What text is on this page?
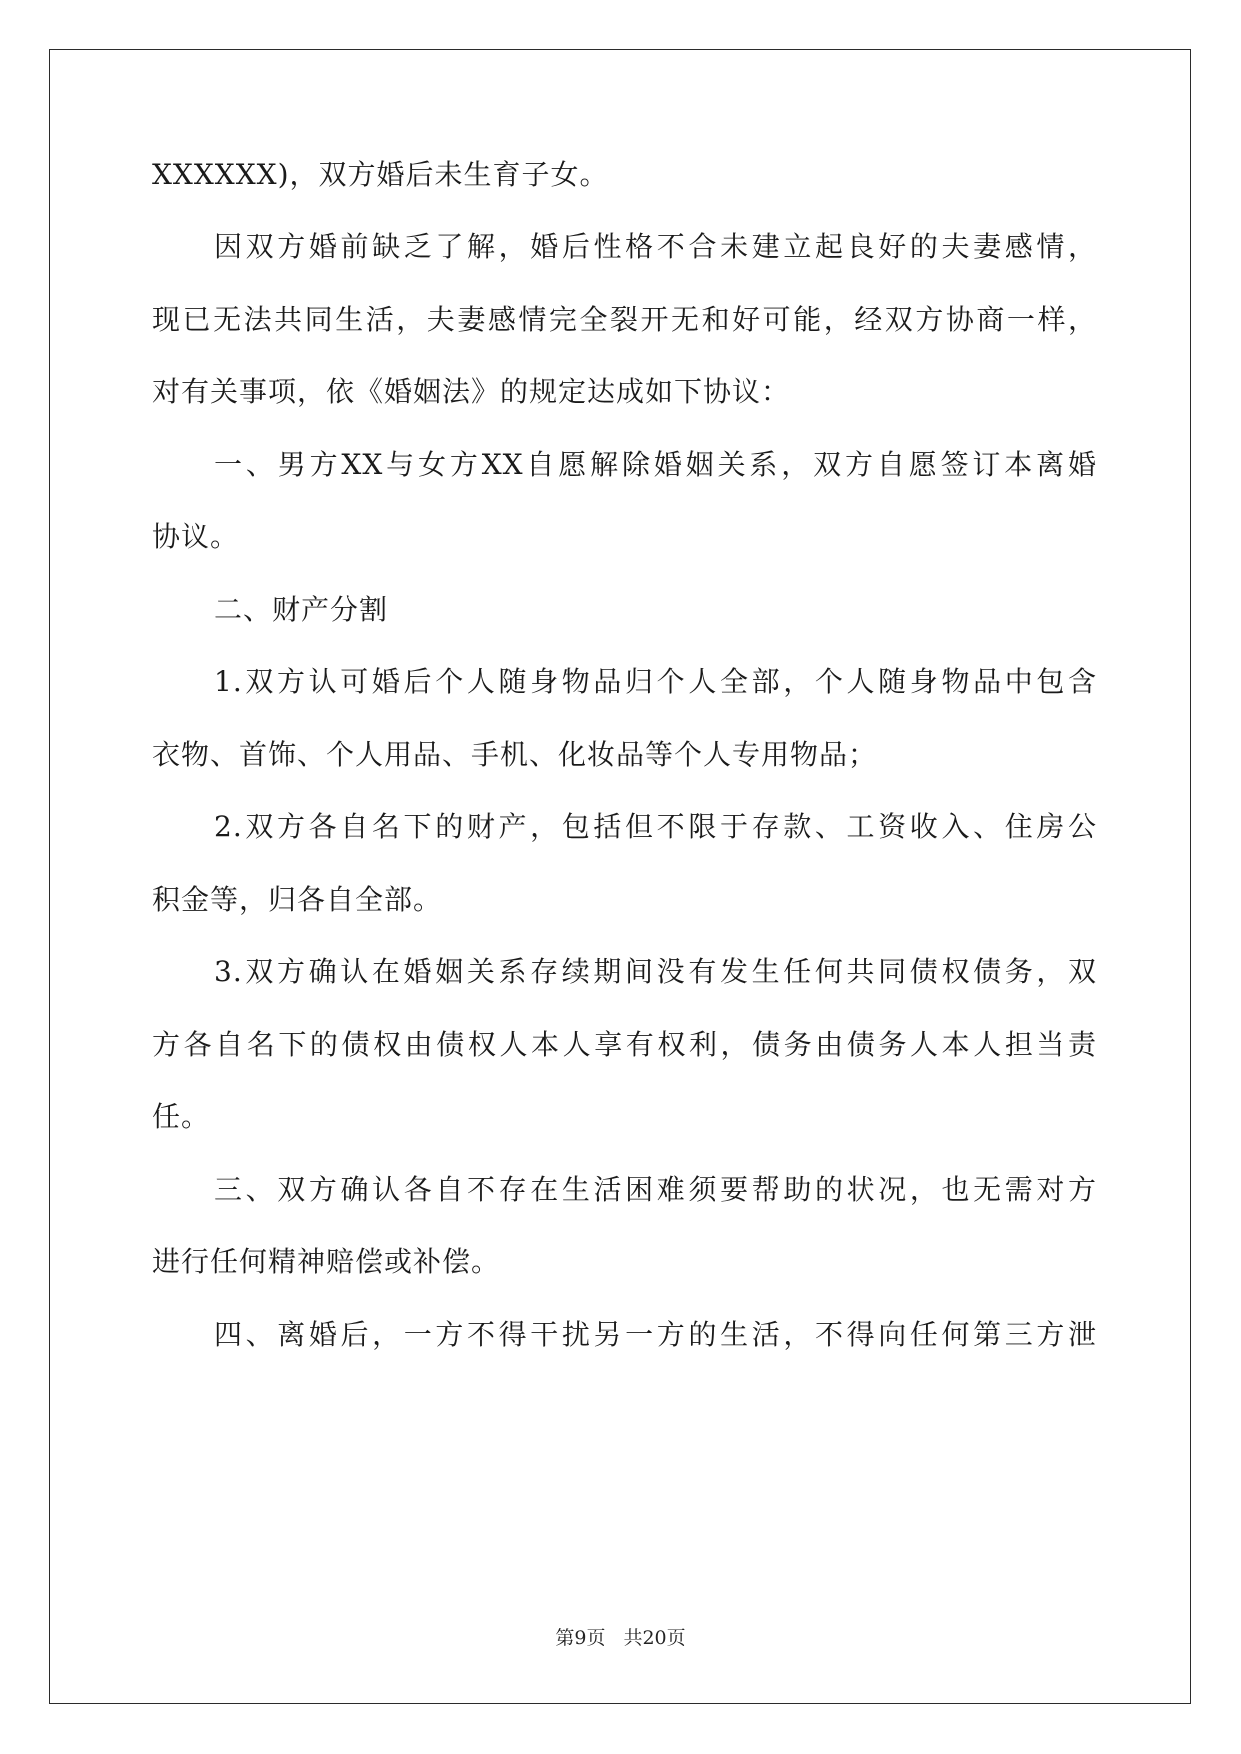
XXXXXX)，双方婚后未生育子女。
因双方婚前缺乏了解，婚后性格不合未建立起良好的夫妻感情，
现已无法共同生活，夫妻感情完全裂开无和好可能，经双方协商一样，
对有关事项，依《婚姻法》的规定达成如下协议：
一、男方XX与女方XX自愿解除婚姻关系，双方自愿签订本离婚
协议。
二、财产分割
1.双方认可婚后个人随身物品归个人全部，个人随身物品中包含
衣物、首饰、个人用品、手机、化妆品等个人专用物品；
2.双方各自名下的财产，包括但不限于存款、工资收入、住房公
积金等，归各自全部。
3.双方确认在婚姻关系存续期间没有发生任何共同债权债务，双
方各自名下的债权由债权人本人享有权利，债务由债务人本人担当责
任。
三、双方确认各自不存在生活困难须要帮助的状况，也无需对方
进行任何精神赔偿或补偿。
四、离婚后，一方不得干扰另一方的生活，不得向任何第三方泄
第9页 共20页
